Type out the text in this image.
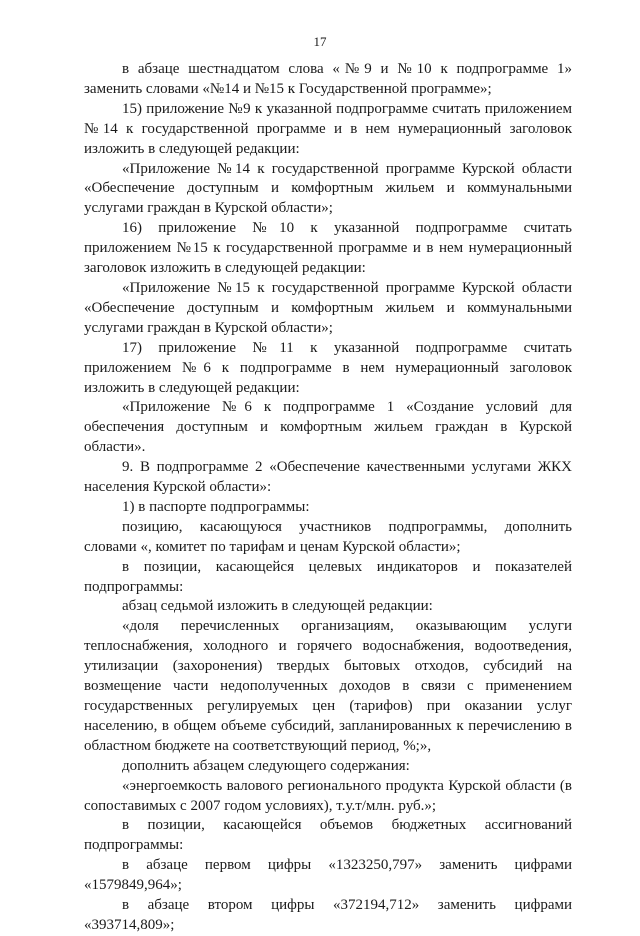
17

в абзаце шестнадцатом слова «№9 и №10 к подпрограмме 1» заменить словами «№14 и №15 к Государственной программе»;

15) приложение №9 к указанной подпрограмме считать приложением №14 к государственной программе и в нем нумерационный заголовок изложить в следующей редакции:

«Приложение №14 к государственной программе Курской области «Обеспечение доступным и комфортным жильем и коммунальными услугами граждан в Курской области»;

16) приложение №10 к указанной подпрограмме считать приложением №15 к государственной программе и в нем нумерационный заголовок изложить в следующей редакции:

«Приложение №15 к государственной программе Курской области «Обеспечение доступным и комфортным жильем и коммунальными услугами граждан в Курской области»;

17) приложение №11 к указанной подпрограмме считать приложением №6 к подпрограмме в нем нумерационный заголовок изложить в следующей редакции:

«Приложение №6 к подпрограмме 1 «Создание условий для обеспечения доступным и комфортным жильем граждан в Курской области».

9. В подпрограмме 2 «Обеспечение качественными услугами ЖКХ населения Курской области»:

1) в паспорте подпрограммы:

позицию, касающуюся участников подпрограммы, дополнить словами «, комитет по тарифам и ценам Курской области»;

в позиции, касающейся целевых индикаторов и показателей подпрограммы:

абзац седьмой изложить в следующей редакции:

«доля перечисленных организациям, оказывающим услуги теплоснабжения, холодного и горячего водоснабжения, водоотведения, утилизации (захоронения) твердых бытовых отходов, субсидий на возмещение части недополученных доходов в связи с применением государственных регулируемых цен (тарифов) при оказании услуг населению, в общем объеме субсидий, запланированных к перечислению в областном бюджете на соответствующий период, %;»,

дополнить абзацем следующего содержания:

«энергоемкость валового регионального продукта Курской области (в сопоставимых с 2007 годом условиях), т.у.т/млн. руб.»;

в позиции, касающейся объемов бюджетных ассигнований подпрограммы:

в абзаце первом цифры «1323250,797» заменить цифрами «1579849,964»;

в абзаце втором цифры «372194,712» заменить цифрами «393714,809»;
